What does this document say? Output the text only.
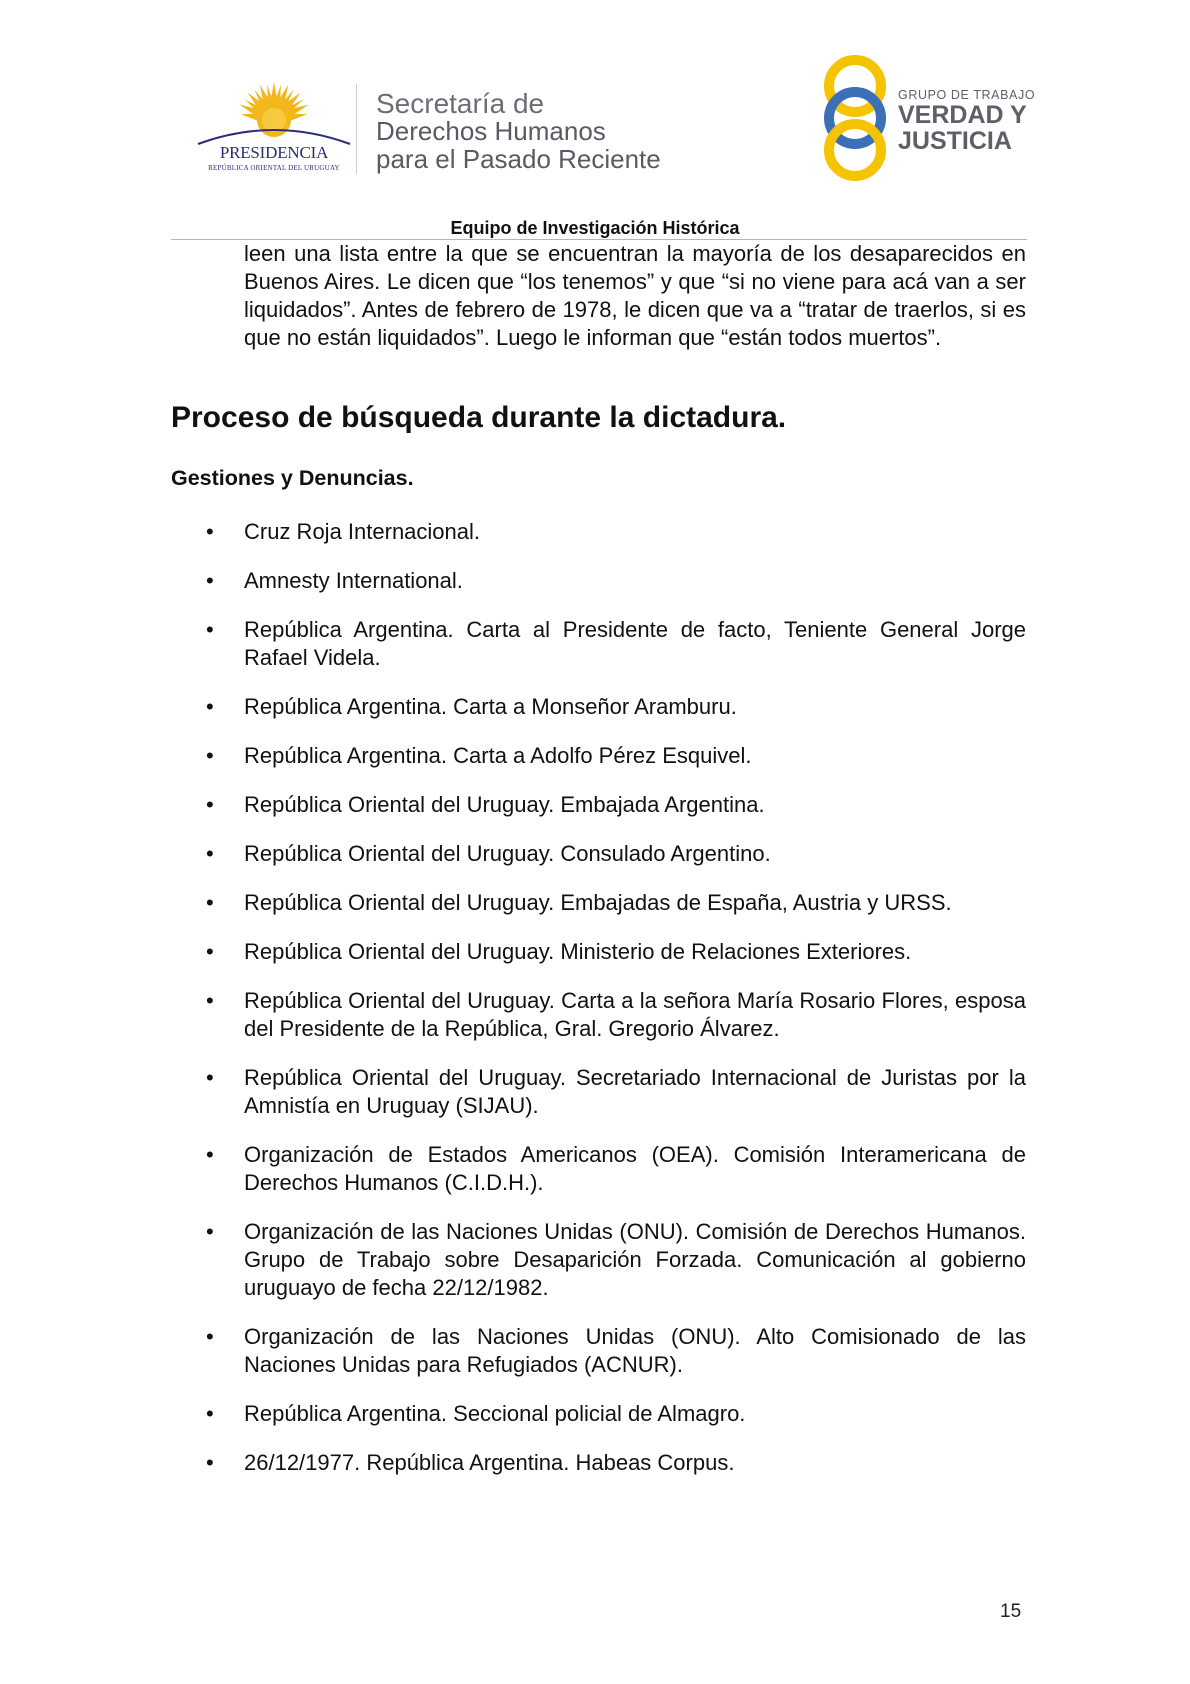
PRESIDENCIA
REPÚBLICA ORIENTAL DEL URUGUAY
Secretaría de
Derechos Humanos
para el Pasado Reciente
GRUPO DE TRABAJO
VERDAD Y
JUSTICIA
Equipo de Investigación Histórica
leen una lista entre la que se encuentran la mayoría de los desaparecidos en Buenos Aires. Le dicen que “los tenemos” y que “si no viene para acá van a ser liquidados”. Antes de febrero de 1978, le dicen que va a “tratar de traerlos, si es que no están liquidados”. Luego le informan que “están todos muertos”.
Proceso de búsqueda durante la dictadura.
Gestiones y Denuncias.
• Cruz Roja Internacional.
• Amnesty International.
• República Argentina. Carta al Presidente de facto, Teniente General Jorge Rafael Videla.
• República Argentina. Carta a Monseñor Aramburu.
• República Argentina. Carta a Adolfo Pérez Esquivel.
• República Oriental del Uruguay. Embajada Argentina.
• República Oriental del Uruguay. Consulado Argentino.
• República Oriental del Uruguay. Embajadas de España, Austria y URSS.
• República Oriental del Uruguay. Ministerio de Relaciones Exteriores.
• República Oriental del Uruguay. Carta a la señora María Rosario Flores, esposa del Presidente de la República, Gral. Gregorio Álvarez.
• República Oriental del Uruguay. Secretariado Internacional de Juristas por la Amnistía en Uruguay (SIJAU).
• Organización de Estados Americanos (OEA). Comisión Interamericana de Derechos Humanos (C.I.D.H.).
• Organización de las Naciones Unidas (ONU). Comisión de Derechos Humanos. Grupo de Trabajo sobre Desaparición Forzada. Comunicación al gobierno uruguayo de fecha 22/12/1982.
• Organización de las Naciones Unidas (ONU). Alto Comisionado de las Naciones Unidas para Refugiados (ACNUR).
• República Argentina. Seccional policial de Almagro.
• 26/12/1977. República Argentina. Habeas Corpus.
15
